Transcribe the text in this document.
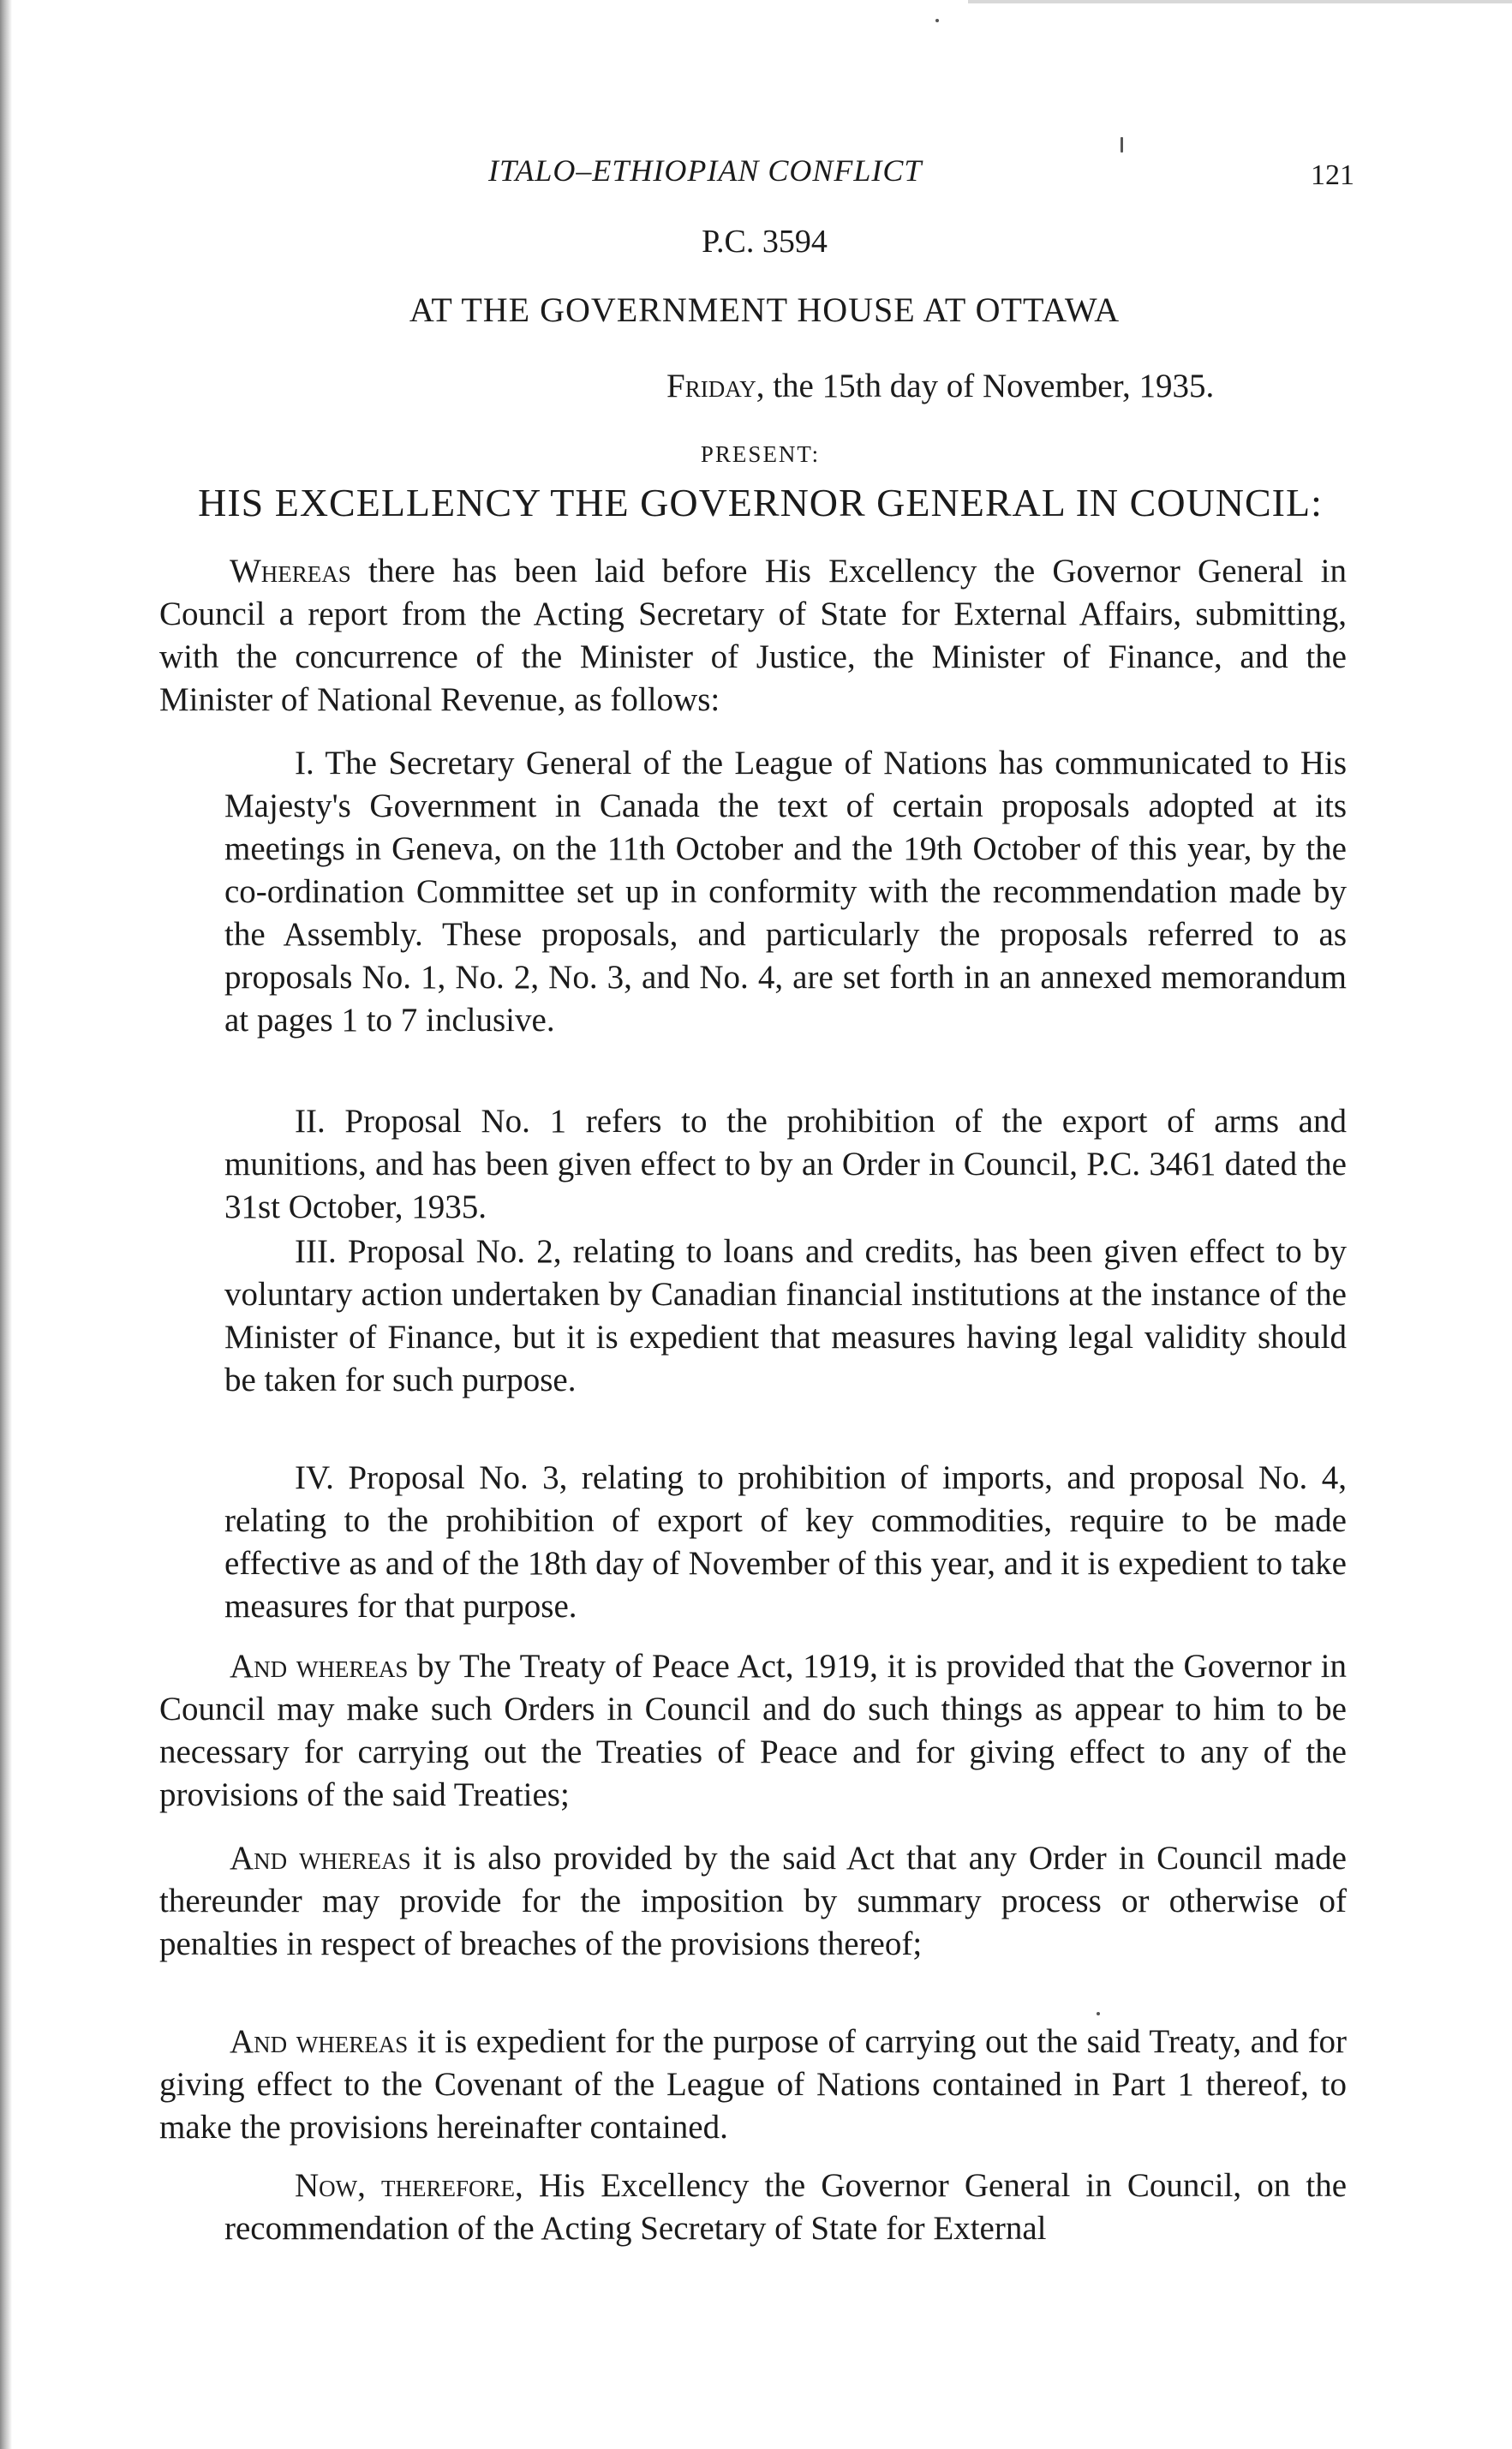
ITALO–ETHIOPIAN CONFLICT	121
P.C. 3594
AT THE GOVERNMENT HOUSE AT OTTAWA
Friday, the 15th day of November, 1935.
PRESENT:
HIS EXCELLENCY THE GOVERNOR GENERAL IN COUNCIL:

Whereas there has been laid before His Excellency the Governor General in Council a report from the Acting Secretary of State for External Affairs, submitting, with the concurrence of the Minister of Justice, the Minister of Finance, and the Minister of National Revenue, as follows:

I. The Secretary General of the League of Nations has communicated to His Majesty's Government in Canada the text of certain proposals adopted at its meetings in Geneva, on the 11th October and the 19th October of this year, by the co-ordination Committee set up in conformity with the recommendation made by the Assembly. These proposals, and particularly the proposals referred to as proposals No. 1, No. 2, No. 3, and No. 4, are set forth in an annexed memorandum at pages 1 to 7 inclusive.

II. Proposal No. 1 refers to the prohibition of the export of arms and munitions, and has been given effect to by an Order in Council, P.C. 3461 dated the 31st October, 1935.

III. Proposal No. 2, relating to loans and credits, has been given effect to by voluntary action undertaken by Canadian financial institutions at the instance of the Minister of Finance, but it is expedient that measures having legal validity should be taken for such purpose.

IV. Proposal No. 3, relating to prohibition of imports, and proposal No. 4, relating to the prohibition of export of key commodities, require to be made effective as and of the 18th day of November of this year, and it is expedient to take measures for that purpose.

And whereas by The Treaty of Peace Act, 1919, it is provided that the Governor in Council may make such Orders in Council and do such things as appear to him to be necessary for carrying out the Treaties of Peace and for giving effect to any of the provisions of the said Treaties;

And whereas it is also provided by the said Act that any Order in Council made thereunder may provide for the imposition by summary process or otherwise of penalties in respect of breaches of the provisions thereof;

And whereas it is expedient for the purpose of carrying out the said Treaty, and for giving effect to the Covenant of the League of Nations contained in Part 1 thereof, to make the provisions hereinafter contained.

Now, therefore, His Excellency the Governor General in Council, on the recommendation of the Acting Secretary of State for External
